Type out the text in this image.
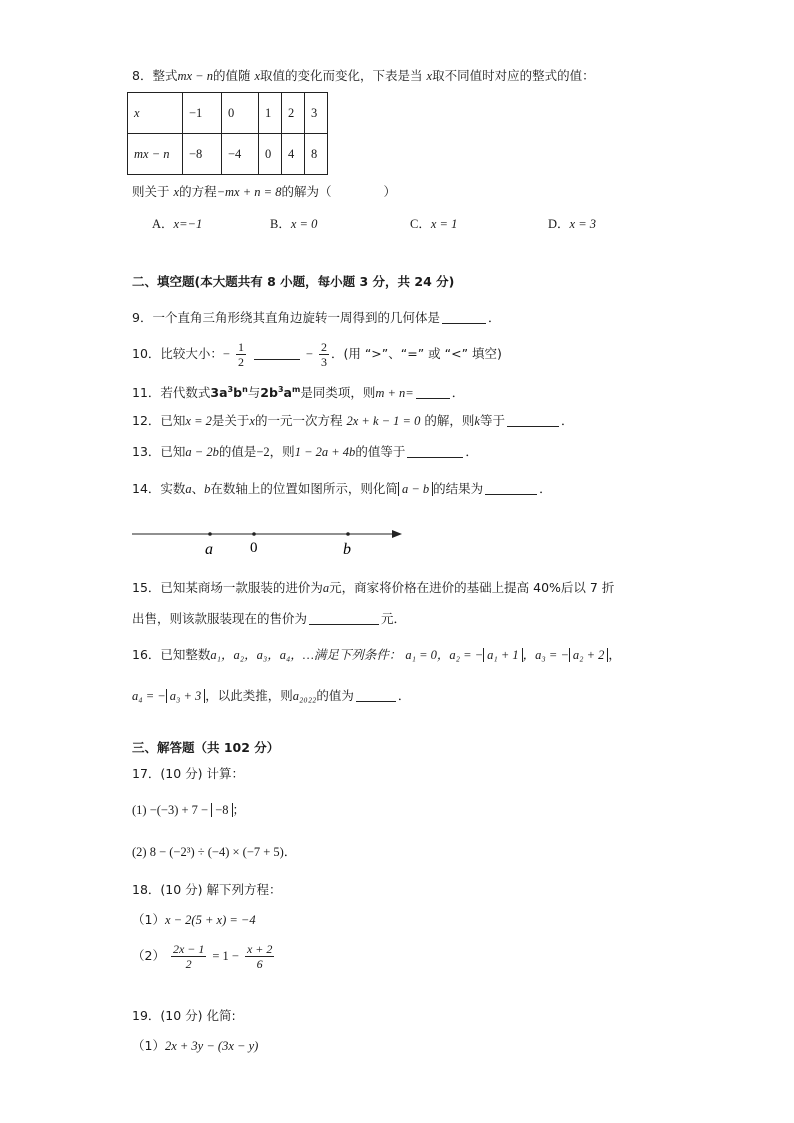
8．整式mx − n的值随 x取值的变化而变化，下表是当 x取不同值时对应的整式的值：
x	−1	0	1	2	3
mx − n	−8	−4	0	4	8
则关于 x的方程−mx + n = 8的解为（	）
A．x=−1	B．x = 0	C．x = 1	D．x = 3
二、填空题(本大题共有 8 小题，每小题 3 分，共 24 分)
9．一个直角三角形绕其直角边旋转一周得到的几何体是	．
10．比较大小：− $\frac{1}{2}$	− $\frac{2}{3}$ ．(用 “>”、“=” 或 “<” 填空)
11．若代数式$3a^3b^n$与$2b^3a^m$是同类项，则m + n=	．
12．已知x = 2是关于x的一元一次方程 2x + k − 1 = 0 的解，则k等于	．
13．已知a − 2b的值是−2，则1 − 2a + 4b的值等于	．
14．实数a、b在数轴上的位置如图所示，则化简 a − b 的结果为	．
a 0	b
15．已知某商场一款服装的进价为a元，商家将价格在进价的基础上提高 40%后以 7 折
出售，则该款服装现在的售价为	元．
16．已知整数a₁，a₂，a₃，a₄，…满足下列条件： a₁ = 0，a₂ = − a₁ + 1 ，a₃ = − a₂ + 2 ，
a₄ = − a₃ + 3 ，以此类推，则a₂₀₂₂的值为	．
三、解答题（共 102 分）
17．(10 分) 计算：
(1) −(−3) + 7 − −8 ；
(2) 8 − (−2³) ÷ (−4) × (−7 + 5)．
18．(10 分) 解下列方程：
（1）x − 2(5 + x) = −4
$(2) \frac{2x - 1}{2} = 1 - \frac{x + 2}{6}$
19．(10 分) 化简:
（1）2x + 3y − (3x − y)
